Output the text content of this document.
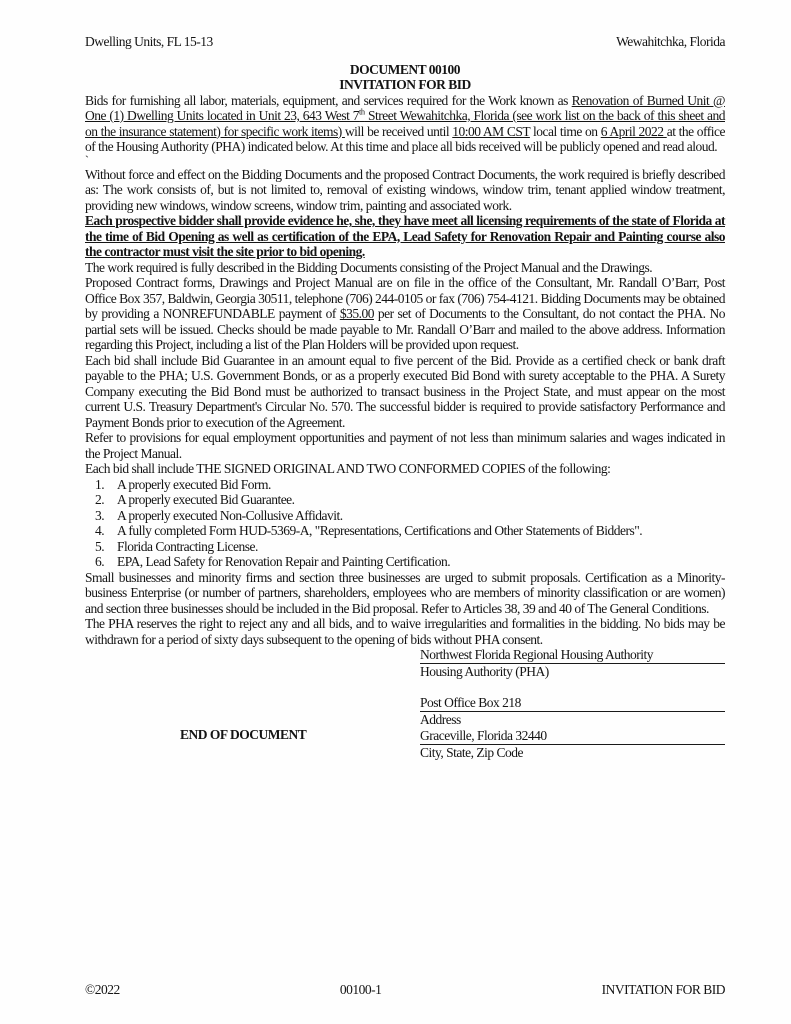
Dwelling Units, FL 15-13	Wewahitchka, Florida
DOCUMENT 00100
INVITATION FOR BID

Bids for furnishing all labor, materials, equipment, and services required for the Work known as Renovation of Burned Unit @ One (1) Dwelling Units located in Unit 23, 643 West 7th Street Wewahitchka, Florida (see work list on the back of this sheet and on the insurance statement) for specific work items) will be received until 10:00 AM CST local time on 6 April 2022 at the office of the Housing Authority (PHA) indicated below. At this time and place all bids received will be publicly opened and read aloud.

`

Without force and effect on the Bidding Documents and the proposed Contract Documents, the work required is briefly described as: The work consists of, but is not limited to, removal of existing windows, window trim, tenant applied window treatment, providing new windows, window screens, window trim, painting and associated work.

Each prospective bidder shall provide evidence he, she, they have meet all licensing requirements of the state of Florida at the time of Bid Opening as well as certification of the EPA, Lead Safety for Renovation Repair and Painting course also the contractor must visit the site prior to bid opening.

The work required is fully described in the Bidding Documents consisting of the Project Manual and the Drawings.

Proposed Contract forms, Drawings and Project Manual are on file in the office of the Consultant, Mr. Randall O’Barr, Post Office Box 357, Baldwin, Georgia 30511, telephone (706) 244-0105 or fax (706) 754-4121. Bidding Documents may be obtained by providing a NONREFUNDABLE payment of $35.00 per set of Documents to the Consultant, do not contact the PHA. No partial sets will be issued. Checks should be made payable to Mr. Randall O’Barr and mailed to the above address. Information regarding this Project, including a list of the Plan Holders will be provided upon request.

Each bid shall include Bid Guarantee in an amount equal to five percent of the Bid. Provide as a certified check or bank draft payable to the PHA; U.S. Government Bonds, or as a properly executed Bid Bond with surety acceptable to the PHA. A Surety Company executing the Bid Bond must be authorized to transact business in the Project State, and must appear on the most current U.S. Treasury Department's Circular No. 570. The successful bidder is required to provide satisfactory Performance and Payment Bonds prior to execution of the Agreement.

Refer to provisions for equal employment opportunities and payment of not less than minimum salaries and wages indicated in the Project Manual.

Each bid shall include THE SIGNED ORIGINAL AND TWO CONFORMED COPIES of the following:

1. A properly executed Bid Form.
2. A properly executed Bid Guarantee.
3. A properly executed Non-Collusive Affidavit.
4. A fully completed Form HUD-5369-A, "Representations, Certifications and Other Statements of Bidders".
5. Florida Contracting License.
6. EPA, Lead Safety for Renovation Repair and Painting Certification.

Small businesses and minority firms and section three businesses are urged to submit proposals. Certification as a Minority-business Enterprise (or number of partners, shareholders, employees who are members of minority classification or are women) and section three businesses should be included in the Bid proposal. Refer to Articles 38, 39 and 40 of The General Conditions.

The PHA reserves the right to reject any and all bids, and to waive irregularities and formalities in the bidding. No bids may be withdrawn for a period of sixty days subsequent to the opening of bids without PHA consent.

END OF DOCUMENT
Northwest Florida Regional Housing Authority
Housing Authority (PHA)
Post Office Box 218
Address
Graceville, Florida 32440
City, State, Zip Code
©2022	00100-1	INVITATION FOR BID
